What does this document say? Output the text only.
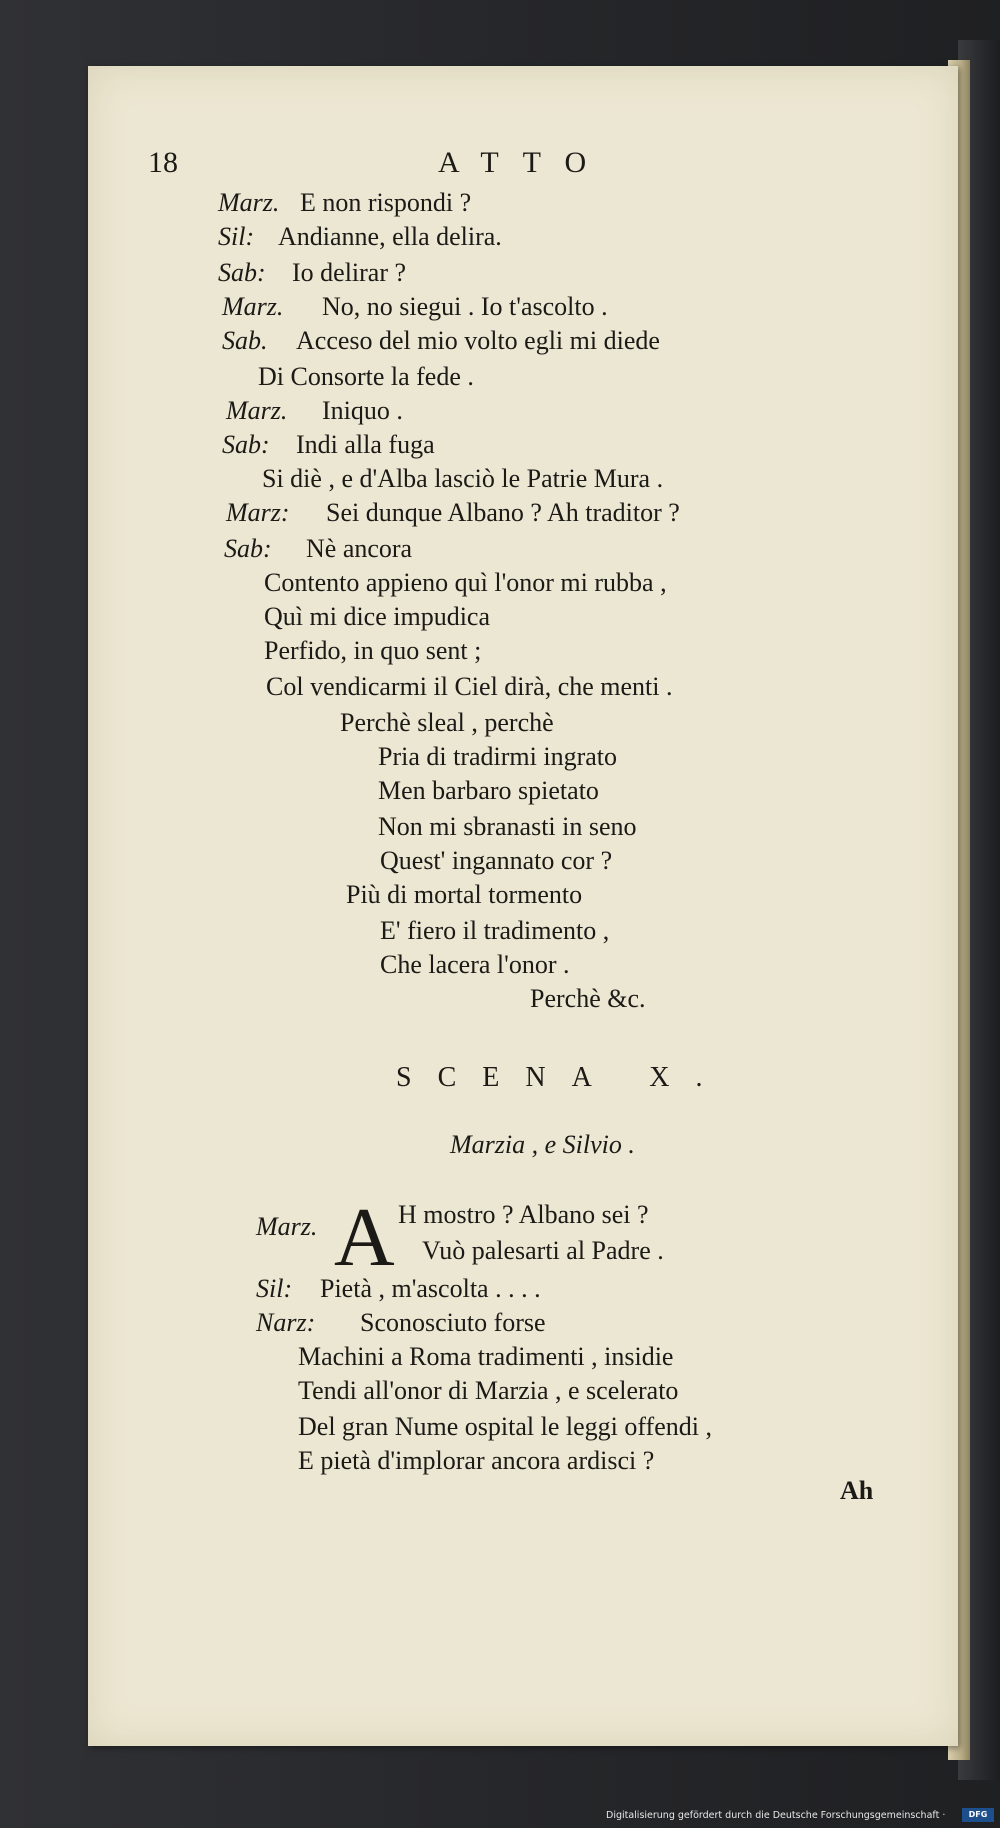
18	ATTO
Marz. E non rispondi ?
Sil: Andianne, ella delira.
Sab: Io delirar ?
Marz. No, no siegui . Io t'ascolto .
Sab. Acceso del mio volto egli mi diede
Di Consorte la fede .
Marz. Iniquo .
Sab: Indi alla fuga
Si diè , e d'Alba lasciò le Patrie Mura .
Marz: Sei dunque Albano ? Ah traditor ?
Sab: Nè ancora
Contento appieno quì l'onor mi rubba ,
Quì mi dice impudica
Perfido, in quo sent ;
Col vendicarmi il Ciel dirà, che menti .
Perchè sleal , perchè
Pria di tradirmi ingrato
Men barbaro spietato
Non mi sbranasti in seno
Quest' ingannato cor ?
Più di mortal tormento
E' fiero il tradimento ,
Che lacera l'onor .
Perchè &c.
SCENA X.
Marzia , e Silvio .
Marz. A H mostro ? Albano sei ?
Vuò palesarti al Padre .
Sil: Pietà , m'ascolta . . . .
Narz: Sconosciuto forse
Machini a Roma tradimenti , insidie
Tendi all'onor di Marzia , e scelerato
Del gran Nume ospital le leggi offendi ,
E pietà d'implorar ancora ardisci ?
Ah
Digitalisierung gefördert durch die Deutsche Forschungsgemeinschaft ·	DFG
